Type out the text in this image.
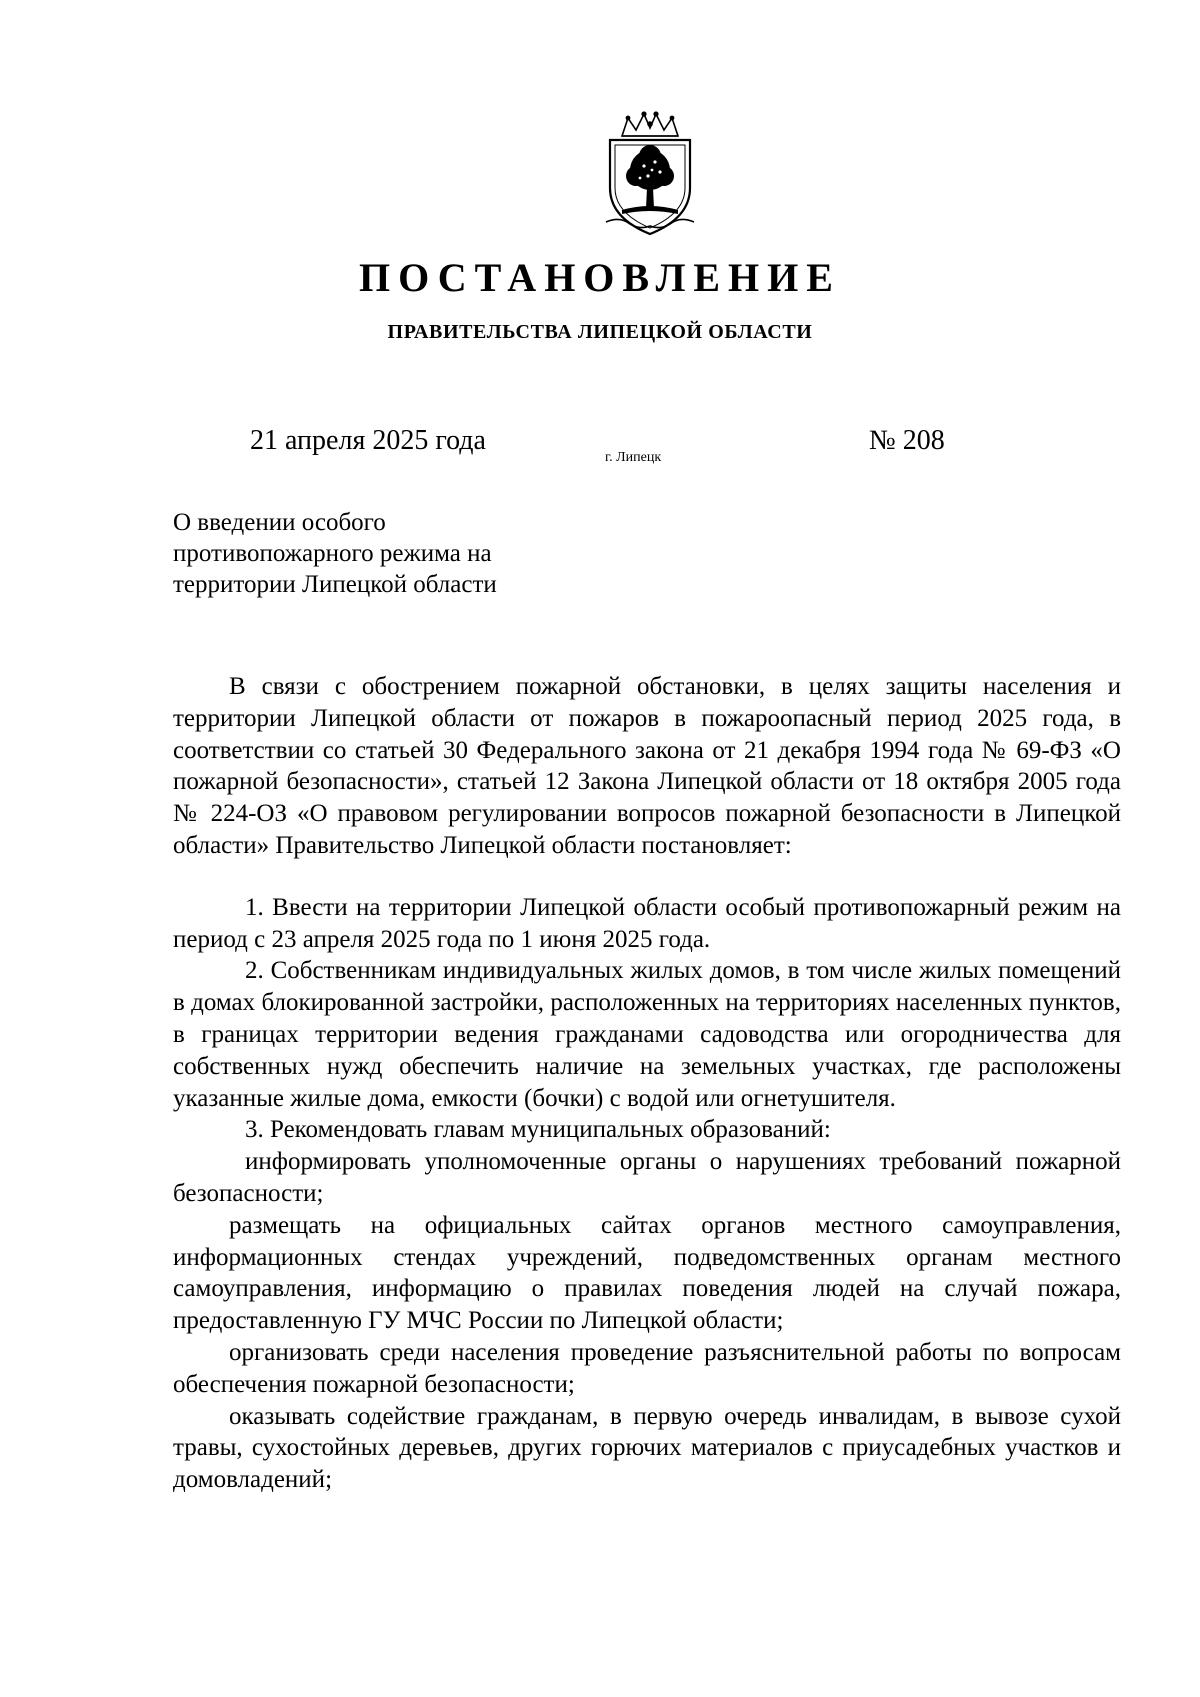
ПОСТАНОВЛЕНИЕ
ПРАВИТЕЛЬСТВА ЛИПЕЦКОЙ ОБЛАСТИ
21 апреля 2025 года
г. Липецк
№ 208
О введении особого
противопожарного режима на
территории Липецкой области

В связи с обострением пожарной обстановки, в целях защиты населения и территории Липецкой области от пожаров в пожароопасный период 2025 года, в соответствии со статьей 30 Федерального закона от 21 декабря 1994 года № 69-ФЗ «О пожарной безопасности», статьей 12 Закона Липецкой области от 18 октября 2005 года № 224-ОЗ «О правовом регулировании вопросов пожарной безопасности в Липецкой области» Правительство Липецкой области постановляет:

1. Ввести на территории Липецкой области особый противопожарный режим на период с 23 апреля 2025 года по 1 июня 2025 года.

2. Собственникам индивидуальных жилых домов, в том числе жилых помещений в домах блокированной застройки, расположенных на территориях населенных пунктов, в границах территории ведения гражданами садоводства или огородничества для собственных нужд обеспечить наличие на земельных участках, где расположены указанные жилые дома, емкости (бочки) с водой или огнетушителя.

3. Рекомендовать главам муниципальных образований:

информировать уполномоченные органы о нарушениях требований пожарной безопасности;

размещать на официальных сайтах органов местного самоуправления, информационных стендах учреждений, подведомственных органам местного самоуправления, информацию о правилах поведения людей на случай пожара, предоставленную ГУ МЧС России по Липецкой области;

организовать среди населения проведение разъяснительной работы по вопросам обеспечения пожарной безопасности;

оказывать содействие гражданам, в первую очередь инвалидам, в вывозе сухой травы, сухостойных деревьев, других горючих материалов с приусадебных участков и домовладений;
